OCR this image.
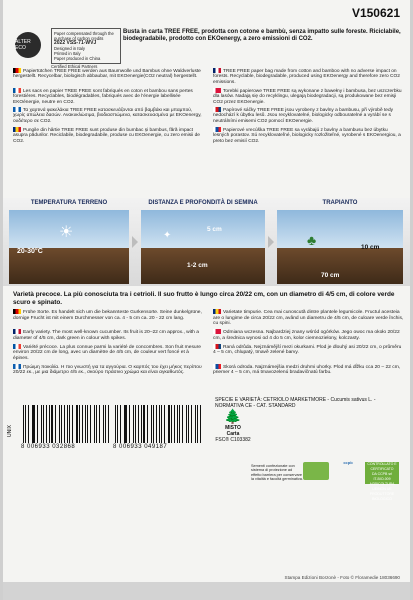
V150621
ALTER ECO
Paper compensated through the purchase of carbon credits
2022 VSS-71-WVJ
Designed in Italy
Printed in Italy
Paper produced in China
Certified Ethical Partners
Busta in carta TREE FREE, prodotta con cotone e bambù, senza impatto sulle foreste. Riciclabile, biodegradabile, prodotto con EKOenergy, a zero emissioni di CO2.
Papiertütchen TREE FREE werden aus Baumwolle und Bambus ohne Waldverluste hergestellt. Recycelbar, biologisch abbaubar, mit EKOenergie(CO2 neutral) hergestellt.
TREE FREE paper bag made from cotton and bamboo with no adverse impact on forests. Recyclable, biodegradable, produced using EKOenergy and therefore zero CO2 emissions.
Les sacs en papier TREE FREE sont fabriqués en coton et bambou sans pertes forestières. Recyclables, biodégradables, fabriqués avec de l'énergie labellisée EKOénergie, neutre en CO2.
Torebki papierowe TREE FREE są wykonane z bawełny i bambusa, bez uszczerbku dla lasów. Nadają się do recyklingu, ulegają biodegradacji, są produkowane bez emisji CO2 przez EKOenergie.
Τα χαρτινά φακελάκια TREE FREE κατασκευάζονται από βαμβάκι και μπαμπού, χωρίς απώλεια δασών. Ανακυκλώσιμα, βιοδιασπώμενα, κατασκευασμένα με EKOenergy, ουδέτερο σε CO2.
Papírové sáčky TREE FREE jsou vyrobeny z bavlny a bambusu, při výrobě tedy nedochází k úbytku lesů. Jsou recyklovatelné, biologicky odbouratelné a vyrábí se s neutrálními emisemi CO2 pomocí EKOenergie.
Pungile din hârtie TREE FREE sunt produse din bumbac și bambus, fără impact asupra pădurilor. Reciclabile, biodegradabile, produse cu EKOenergie, cu zero emisii de CO2.
Papierové vrecúška TREE FREE sa vyrábajú z bavlny a bambusu bez úbytku lesných porastov. Sú recyklovateľné, biologicky rozložiteľné, vyrobené s EKOenergiou, a preto bez emisií CO2.
TEMPERATURA TERRENO
20-30°C
☀
DISTANZA E PROFONDITÀ DI SEMINA
5 cm
1-2 cm
✦
TRAPIANTO
10 cm
70 cm
♣
Varietà precoce. La più conosciuta tra i cetrioli. Il suo frutto è lungo circa 20/22 cm, con un diametro di 4/5 cm, di colore verde scuro e spinato.
Frühe Sorte. Es handelt sich um die bekannteste Gurkensorte. Seine dunkelgrüne, dornige Frucht ist mit einem Durchmesser von ca. 4 - 5 cm ca. 20 - 22 cm lang.
Varietate timpurie. Cea mai cunoscută dintre plantele legumicole. Fructul acesteia are o lungime de circa 20/22 cm, având un diametru de 4/5 cm, de culoare verde închis, cu spini.
Early variety. The most well-known cucumber. Its fruit is 20–22 cm approx., with a diameter of 4/5 cm, dark green in colour with spikes.
Odmiana wczesna. Najbardziej znany wśród ogórków. Jego owoc ma około 20/22 cm, a średnica wynosi od 4 do 5 cm, kolor ciemnozielony, kolczasty.
Variété précoce. La plus connue parmi la variété de concombres. Son fruit mesure environ 20/22 cm de long, avec un diamètre de 4/5 cm, de couleur vert foncé et à épines.
Raná odrůda. Nejznámější mezi okurkami. Plod je dlouhý asi 20/22 cm, o průměru 4 – 5 cm, chlupatý, tmavě zelené barvy.
Πρώιμη ποικιλία. Η πιο γνωστή για τα αγγούρια. Ο καρπός του έχει μήκος περίπου 20/22 εκ., με μια διάμετρο 4/5 εκ., σκούρο πράσινο χρώμα και είναι αγκαθωτός.
Skorá odroda. Najznámejšia medzi druhmi uhorky. Plod má dĺžku cca 20 – 22 cm, priemer 4 – 5 cm, má tmavozelenú bradavičnatú farbu.
UNIX
8 006933 032868	8 006933 049187
SPECIE E VARIETÀ: CETRIOLO MARKETMORE - Cucumis sativus L. - NORMATIVA CE - CAT. STANDARD
🌲
MISTO
Carta
FSC® C103382
Sementi confezionate con sistema di protezione ad effetto barriera per conservare la vitalità e facoltà germinativa.
ccpb	CONTROLLATO E CERTIFICATO
DA CCPB srl
IT-BIO-009
AGRICOLTURA UE/NON UE
PRODUTTORE BIOLOGICO
Stampa Edizioni Borzonè - Foto © Floramedie 18036690
